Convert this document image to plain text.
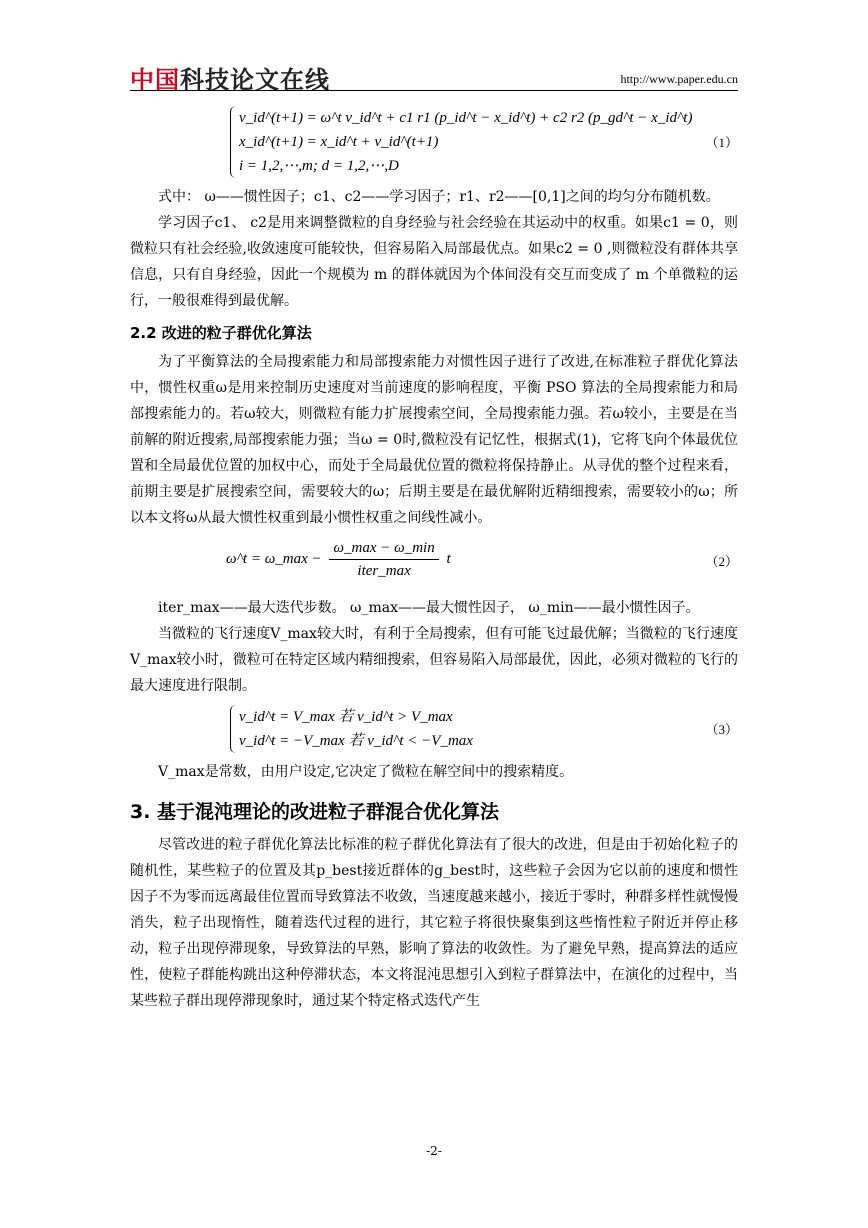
中国科技论文在线	http://www.paper.edu.cn
（1）
v_id^(t+1) = ω^t v_id^t + c1 r1 (p_id^t − x_id^t) + c2 r2 (p_gd^t − x_id^t)
x_id^(t+1) = x_id^t + v_id^(t+1)
i = 1,2,⋯,m; d = 1,2,⋯,D

式中： ω——惯性因子；c1、c2——学习因子；r1、r2——[0,1]之间的均匀分布随机数。

学习因子c1、 c2是用来调整微粒的自身经验与社会经验在其运动中的权重。如果c1 = 0，则微粒只有社会经验,收敛速度可能较快，但容易陷入局部最优点。如果c2 = 0 ,则微粒没有群体共享信息，只有自身经验，因此一个规模为 m 的群体就因为个体间没有交互而变成了 m 个单微粒的运行，一般很难得到最优解。

2.2 改进的粒子群优化算法

为了平衡算法的全局搜索能力和局部搜索能力对惯性因子进行了改进,在标准粒子群优化算法中，惯性权重ω是用来控制历史速度对当前速度的影响程度，平衡 PSO 算法的全局搜索能力和局部搜索能力的。若ω较大，则微粒有能力扩展搜索空间，全局搜索能力强。若ω较小，主要是在当前解的附近搜索,局部搜索能力强；当ω = 0时,微粒没有记忆性，根据式(1)，它将飞向个体最优位置和全局最优位置的加权中心，而处于全局最优位置的微粒将保持静止。从寻优的整个过程来看，前期主要是扩展搜索空间，需要较大的ω；后期主要是在最优解附近精细搜索，需要较小的ω；所以本文将ω从最大惯性权重到最小惯性权重之间线性减小。

（2）
ω^t = ω_max − $\frac{\omega\_\max - \omega\_\min}{\text{iter\_max}}$ t

iter_max——最大迭代步数。 ω_max——最大惯性因子， ω_min——最小惯性因子。

当微粒的飞行速度V_max较大时，有利于全局搜索，但有可能飞过最优解；当微粒的飞行速度V_max较小时，微粒可在特定区域内精细搜索，但容易陷入局部最优，因此，必须对微粒的飞行的最大速度进行限制。

（3）
v_id^t = V_max 若 v_id^t > V_max
v_id^t = −V_max 若 v_id^t < −V_max

V_max是常数，由用户设定,它决定了微粒在解空间中的搜索精度。

3. 基于混沌理论的改进粒子群混合优化算法

尽管改进的粒子群优化算法比标准的粒子群优化算法有了很大的改进，但是由于初始化粒子的随机性，某些粒子的位置及其p_best接近群体的g_best时，这些粒子会因为它以前的速度和惯性因子不为零而远离最佳位置而导致算法不收敛，当速度越来越小，接近于零时，种群多样性就慢慢消失，粒子出现惰性，随着迭代过程的进行，其它粒子将很快聚集到这些惰性粒子附近并停止移动，粒子出现停滞现象，导致算法的早熟，影响了算法的收敛性。为了避免早熟，提高算法的适应性，使粒子群能构跳出这种停滞状态，本文将混沌思想引入到粒子群算法中，在演化的过程中，当某些粒子群出现停滞现象时，通过某个特定格式迭代产生

-2-
